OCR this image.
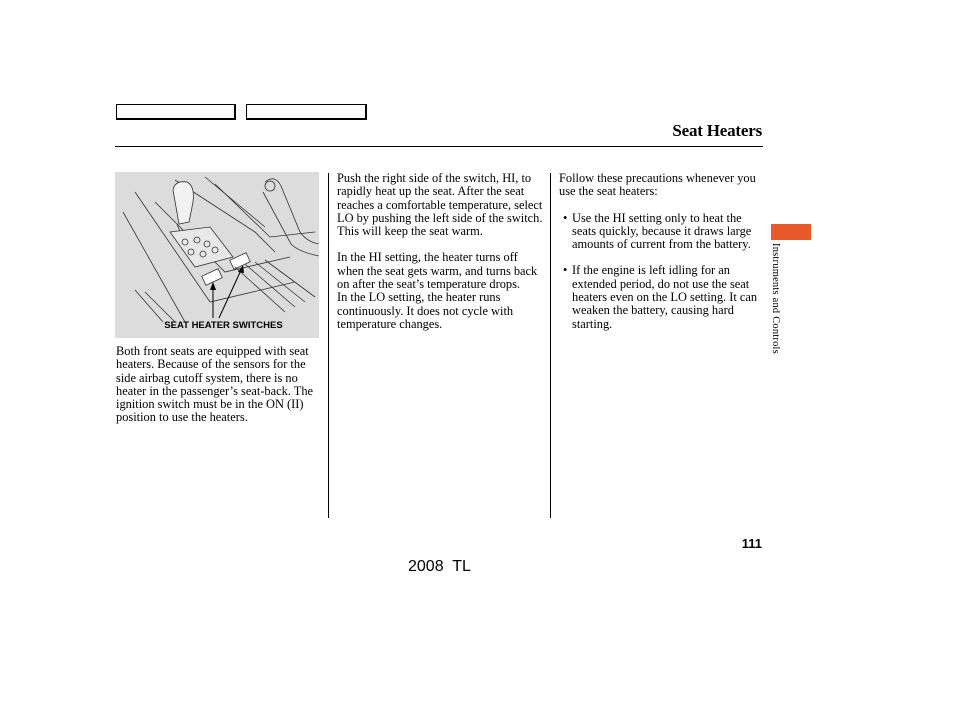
Seat Heaters
SEAT HEATER SWITCHES

Both front seats are equipped with seat heaters. Because of the sensors for the side airbag cutoff system, there is no heater in the passenger’s seat-back. The ignition switch must be in the ON (II) position to use the heaters.

Push the right side of the switch, HI, to rapidly heat up the seat. After the seat reaches a comfortable temperature, select LO by pushing the left side of the switch. This will keep the seat warm.

In the HI setting, the heater turns off when the seat gets warm, and turns back on after the seat’s temperature drops.

In the LO setting, the heater runs continuously. It does not cycle with temperature changes.

Follow these precautions whenever you use the seat heaters:

• Use the HI setting only to heat the seats quickly, because it draws large amounts of current from the battery.
• If the engine is left idling for an extended period, do not use the seat heaters even on the LO setting. It can weaken the battery, causing hard starting.	Instruments and Controls
111
2008  TL
